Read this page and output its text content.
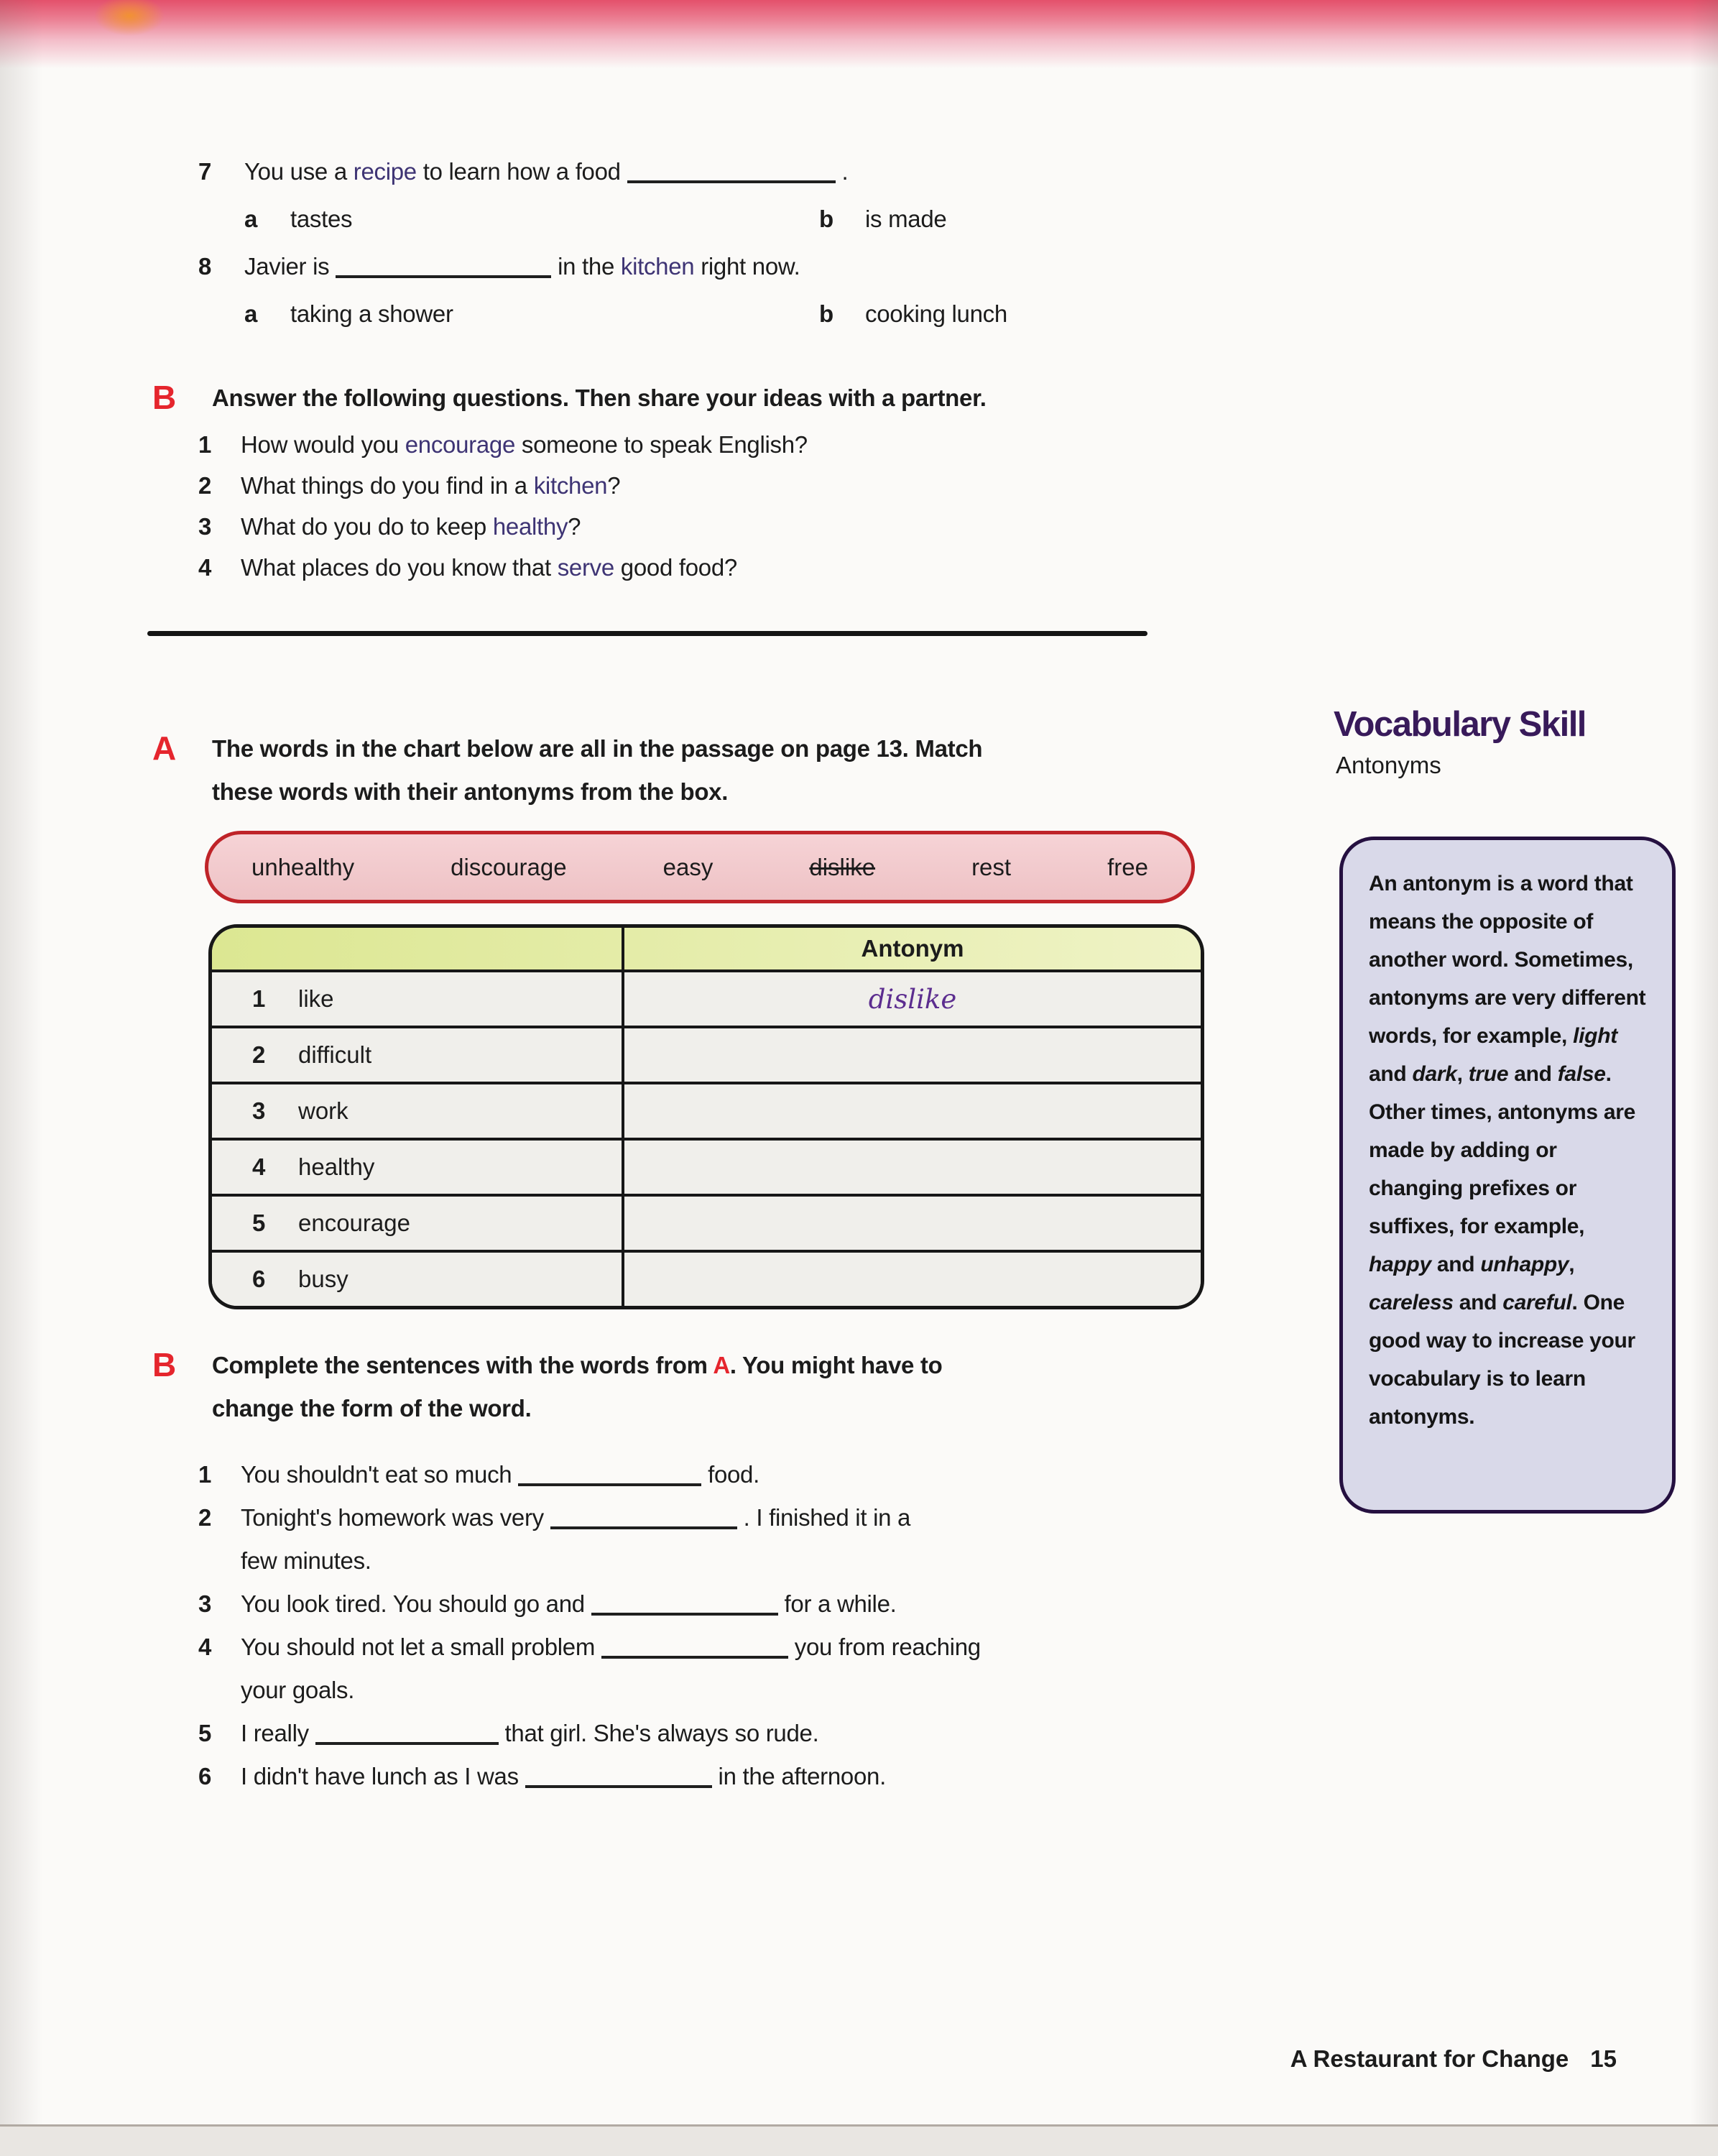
7	You use a recipe to learn how a food	.
a	tastes	b	is made
8	Javier is	in the kitchen right now.
a	taking a shower	b	cooking lunch
B	Answer the following questions. Then share your ideas with a partner.
1	How would you encourage someone to speak English?
2	What things do you find in a kitchen?
3	What do you do to keep healthy?
4	What places do you know that serve good food?
A	The words in the chart below are all in the passage on page 13. Match
these words with their antonyms from the box.
unhealthy	discourage	easy	dislike	rest	free
Antonym
1	like	dislike
2	difficult
3	work
4	healthy
5	encourage
6	busy
B	Complete the sentences with the words from A. You might have to
change the form of the word.
1	You shouldn't eat so much	food.
2	Tonight's homework was very	. I finished it in a
few minutes.
3	You look tired. You should go and	for a while.
4	You should not let a small problem	you from reaching
your goals.
5	I really	that girl. She's always so rude.
6	I didn't have lunch as I was	in the afternoon.
Vocabulary Skill
Antonyms
An antonym is a word that means the opposite of another word. Sometimes, antonyms are very different words, for example, light and dark, true and false. Other times, antonyms are made by adding or changing prefixes or suffixes, for example, happy and unhappy, careless and careful. One good way to increase your vocabulary is to learn antonyms.
A Restaurant for Change 15
